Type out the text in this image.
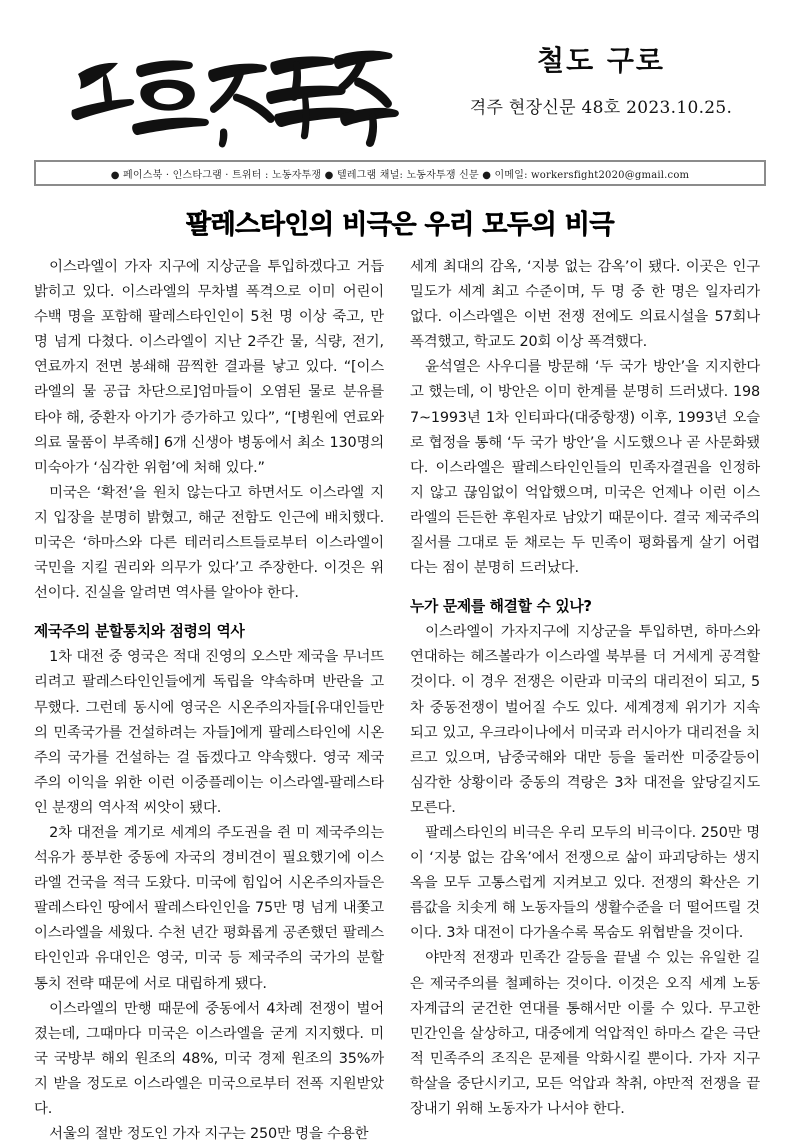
철도 구로
격주 현장신문 48호 2023.10.25.
● 페이스북 · 인스타그램 · 트위터 : 노동자투쟁 ● 텔레그램 채널: 노동자투쟁 신문 ● 이메일: workersfight2020@gmail.com
팔레스타인의 비극은 우리 모두의 비극

이스라엘이 가자 지구에 지상군을 투입하겠다고 거듭 밝히고 있다. 이스라엘의 무차별 폭격으로 이미 어린이 수백 명을 포함해 팔레스타인인이 5천 명 이상 죽고, 만 명 넘게 다쳤다. 이스라엘이 지난 2주간 물, 식량, 전기, 연료까지 전면 봉쇄해 끔찍한 결과를 낳고 있다. “[이스라엘의 물 공급 차단으로]엄마들이 오염된 물로 분유를 타야 해, 중환자 아기가 증가하고 있다”, “[병원에 연료와 의료 물품이 부족해] 6개 신생아 병동에서 최소 130명의 미숙아가 ‘심각한 위험’에 처해 있다.”

미국은 ‘확전’을 원치 않는다고 하면서도 이스라엘 지지 입장을 분명히 밝혔고, 해군 전함도 인근에 배치했다. 미국은 ‘하마스와 다른 테러리스트들로부터 이스라엘이 국민을 지킬 권리와 의무가 있다’고 주장한다. 이것은 위선이다. 진실을 알려면 역사를 알아야 한다.

제국주의 분할통치와 점령의 역사

1차 대전 중 영국은 적대 진영의 오스만 제국을 무너뜨리려고 팔레스타인인들에게 독립을 약속하며 반란을 고무했다. 그런데 동시에 영국은 시온주의자들[유대인들만의 민족국가를 건설하려는 자들]에게 팔레스타인에 시온주의 국가를 건설하는 걸 돕겠다고 약속했다. 영국 제국주의 이익을 위한 이런 이중플레이는 이스라엘-팔레스타인 분쟁의 역사적 씨앗이 됐다.

2차 대전을 계기로 세계의 주도권을 쥔 미 제국주의는 석유가 풍부한 중동에 자국의 경비견이 필요했기에 이스라엘 건국을 적극 도왔다. 미국에 힘입어 시온주의자들은 팔레스타인 땅에서 팔레스타인인을 75만 명 넘게 내쫓고 이스라엘을 세웠다. 수천 년간 평화롭게 공존했던 팔레스타인인과 유대인은 영국, 미국 등 제국주의 국가의 분할통치 전략 때문에 서로 대립하게 됐다.

이스라엘의 만행 때문에 중동에서 4차례 전쟁이 벌어졌는데, 그때마다 미국은 이스라엘을 굳게 지지했다. 미국 국방부 해외 원조의 48%, 미국 경제 원조의 35%까지 받을 정도로 이스라엘은 미국으로부터 전폭 지원받았다.

서울의 절반 정도인 가자 지구는 250만 명을 수용한

세계 최대의 감옥, ‘지붕 없는 감옥’이 됐다. 이곳은 인구밀도가 세계 최고 수준이며, 두 명 중 한 명은 일자리가 없다. 이스라엘은 이번 전쟁 전에도 의료시설을 57회나 폭격했고, 학교도 20회 이상 폭격했다.

윤석열은 사우디를 방문해 ‘두 국가 방안’을 지지한다고 했는데, 이 방안은 이미 한계를 분명히 드러냈다. 1987~1993년 1차 인티파다(대중항쟁) 이후, 1993년 오슬로 협정을 통해 ‘두 국가 방안’을 시도했으나 곧 사문화됐다. 이스라엘은 팔레스타인인들의 민족자결권을 인정하지 않고 끊임없이 억압했으며, 미국은 언제나 이런 이스라엘의 든든한 후원자로 남았기 때문이다. 결국 제국주의 질서를 그대로 둔 채로는 두 민족이 평화롭게 살기 어렵다는 점이 분명히 드러났다.

누가 문제를 해결할 수 있나?

이스라엘이 가자지구에 지상군을 투입하면, 하마스와 연대하는 헤즈볼라가 이스라엘 북부를 더 거세게 공격할 것이다. 이 경우 전쟁은 이란과 미국의 대리전이 되고, 5차 중동전쟁이 벌어질 수도 있다. 세계경제 위기가 지속되고 있고, 우크라이나에서 미국과 러시아가 대리전을 치르고 있으며, 남중국해와 대만 등을 둘러싼 미중갈등이 심각한 상황이라 중동의 격랑은 3차 대전을 앞당길지도 모른다.

팔레스타인의 비극은 우리 모두의 비극이다. 250만 명이 ‘지붕 없는 감옥’에서 전쟁으로 삶이 파괴당하는 생지옥을 모두 고통스럽게 지켜보고 있다. 전쟁의 확산은 기름값을 치솟게 해 노동자들의 생활수준을 더 떨어뜨릴 것이다. 3차 대전이 다가올수록 목숨도 위협받을 것이다.

야만적 전쟁과 민족간 갈등을 끝낼 수 있는 유일한 길은 제국주의를 철폐하는 것이다. 이것은 오직 세계 노동자계급의 굳건한 연대를 통해서만 이룰 수 있다. 무고한 민간인을 살상하고, 대중에게 억압적인 하마스 같은 극단적 민족주의 조직은 문제를 악화시킬 뿐이다. 가자 지구 학살을 중단시키고, 모든 억압과 착취, 야만적 전쟁을 끝장내기 위해 노동자가 나서야 한다.
